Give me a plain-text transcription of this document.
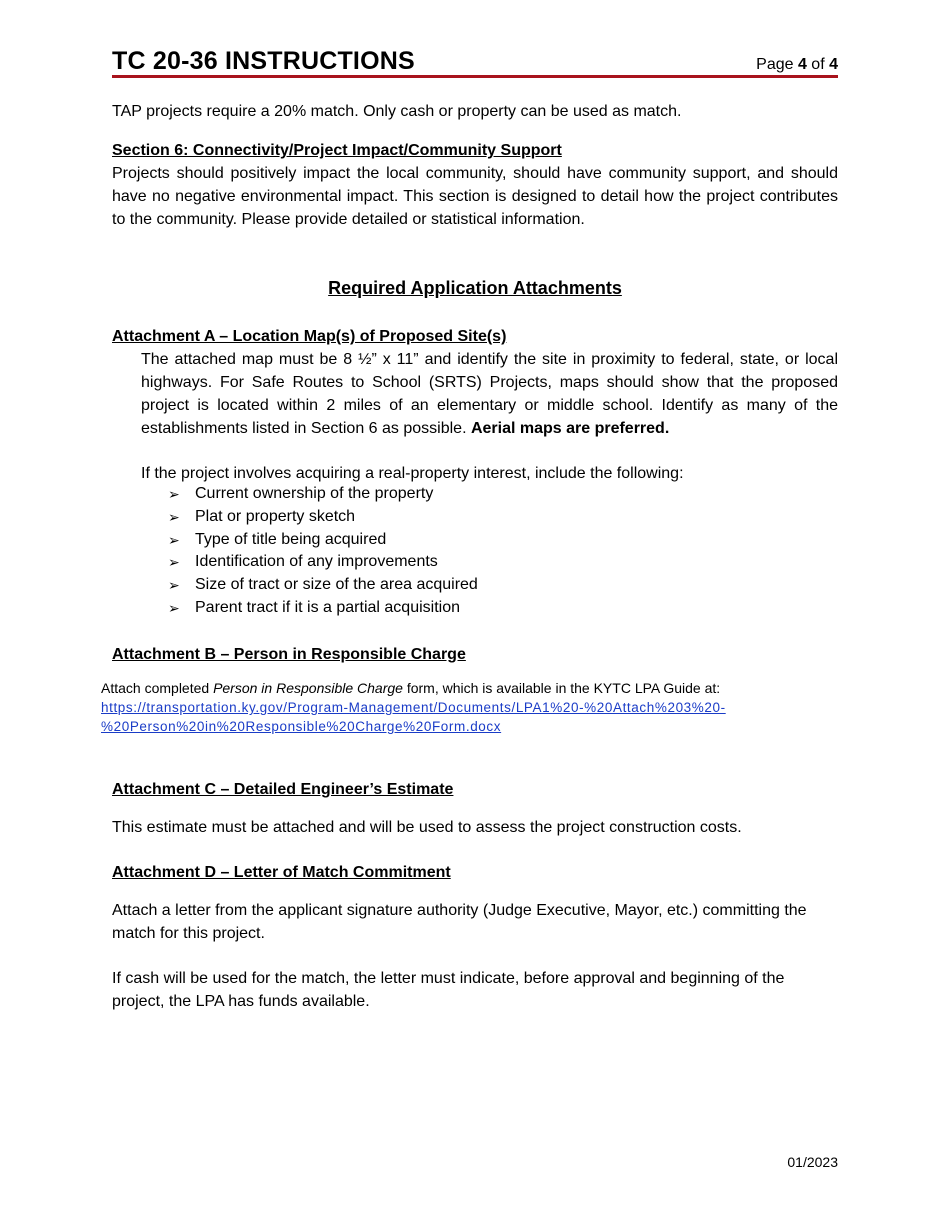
TC 20-36 INSTRUCTIONS	Page 4 of 4
TAP projects require a 20% match. Only cash or property can be used as match.
Section 6: Connectivity/Project Impact/Community Support
Projects should positively impact the local community, should have community support, and should have no negative environmental impact. This section is designed to detail how the project contributes to the community. Please provide detailed or statistical information.
Required Application Attachments
Attachment A – Location Map(s) of Proposed Site(s)
The attached map must be 8 ½” x 11” and identify the site in proximity to federal, state, or local highways. For Safe Routes to School (SRTS) Projects, maps should show that the proposed project is located within 2 miles of an elementary or middle school. Identify as many of the establishments listed in Section 6 as possible. Aerial maps are preferred.
If the project involves acquiring a real-property interest, include the following:
➢ Current ownership of the property
➢ Plat or property sketch
➢ Type of title being acquired
➢ Identification of any improvements
➢ Size of tract or size of the area acquired
➢ Parent tract if it is a partial acquisition
Attachment B – Person in Responsible Charge
Attach completed Person in Responsible Charge form, which is available in the KYTC LPA Guide at:
https://transportation.ky.gov/Program-Management/Documents/LPA1%20-%20Attach%203%20-
%20Person%20in%20Responsible%20Charge%20Form.docx
Attachment C – Detailed Engineer’s Estimate
This estimate must be attached and will be used to assess the project construction costs.
Attachment D – Letter of Match Commitment
Attach a letter from the applicant signature authority (Judge Executive, Mayor, etc.) committing the match for this project.
If cash will be used for the match, the letter must indicate, before approval and beginning of the project, the LPA has funds available.
01/2023
